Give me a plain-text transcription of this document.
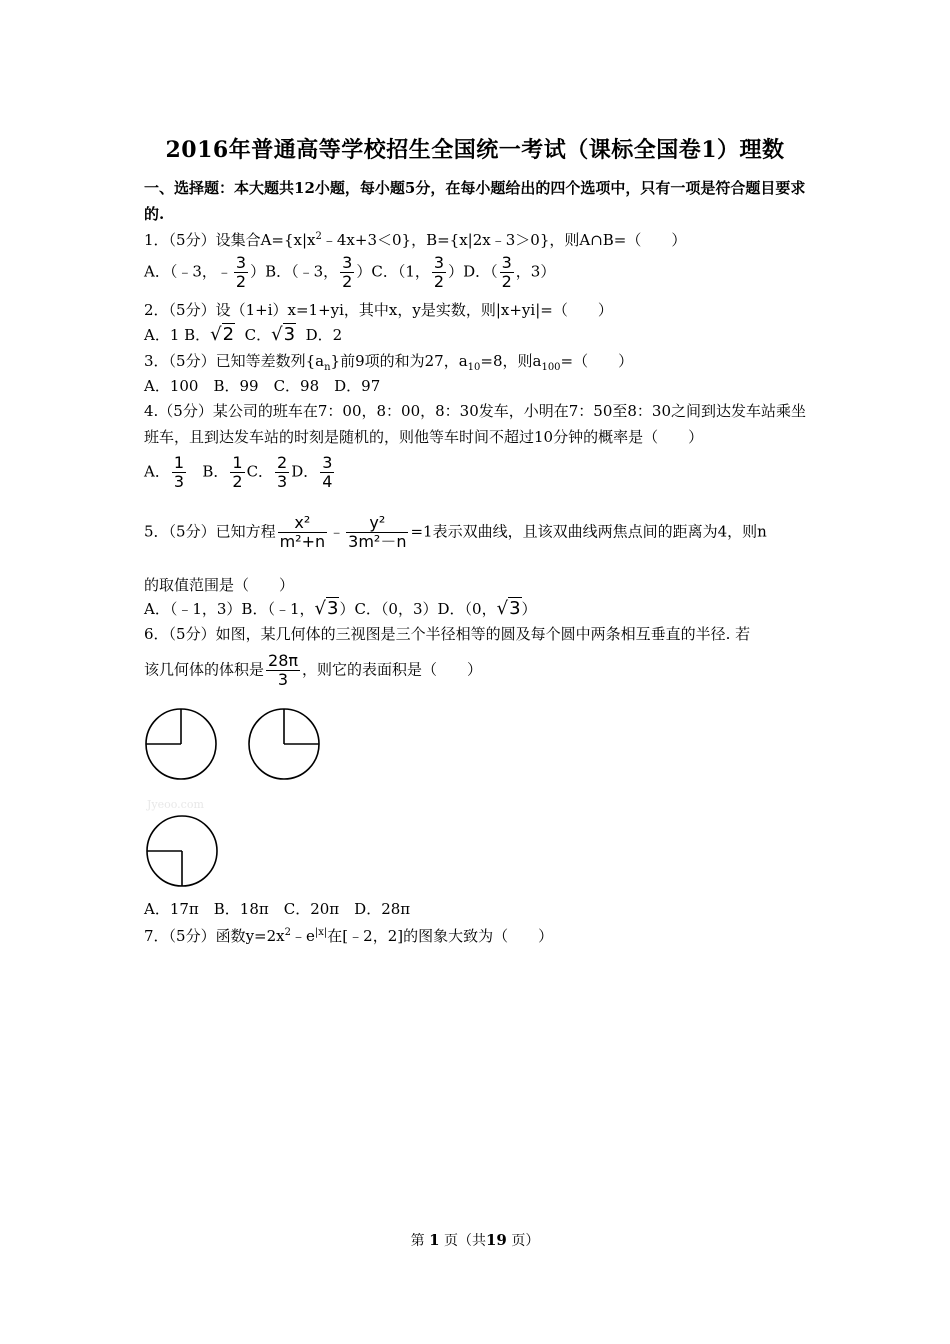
2016年普通高等学校招生全国统一考试（课标全国卷1）理数
一、选择题：本大题共12小题，每小题5分，在每小题给出的四个选项中，只有一项是符合题目要求的.
1．（5分）设集合$A=\{x|x^2﹣4x+3<0\}$，B={x|2x﹣3＞0}，则A∩B=（　　）
A．（﹣3，﹣ $\frac{3}{2} )B$．（﹣3， $\frac{3}{2} )C$．（1， $\frac{3}{2} )D$．（ $\frac{3}{2}$ ，3）
2．（5分）设（1+i）x=1+yi，其中x，y是实数，则|x+yi|=（　　）
A．1 B．√2 C．√3 D．2
3．（5分）已知等差数列$\{a_n\}$前9项的和为27，$a_{10}=8$，则$a_{100}=$（　　）
A．100　B．99　C．98　D．97
4.（5分）某公司的班车在7：00，8：00，8：30发车，小明在7：50至8：30之间到达发车站乘坐班车，且到达发车站的时刻是随机的，则他等车时间不超过10分钟的概率是（　　）
A． $\frac{1}{3}$ B． $\frac{1}{2}$ C． $\frac{2}{3}$ D． $\frac{3}{4}$
5．（5分）已知方程 $\frac{\text{x²}}{\text{m²+n}}$ ﹣ $\frac{\text{y²}}{\text{3m²－n}} =1$表示双曲线，且该双曲线两焦点间的距离为4，则n
的取值范围是（　　）
A．（﹣1，3）B．（﹣1，√3）C．（0，3）D．（0，√3）
6．（5分）如图，某几何体的三视图是三个半径相等的圆及每个圆中两条相互垂直的半径. 若
该几何体的体积是 $\frac{28\pi}{3}$ ，则它的表面积是（　　）
Jyeoo.com
A．17π　B．18π　C．20π　D．28π
7．（5分）函数$y=2x^2﹣e^{|x|}$在[﹣2，2]的图象大致为（　　）
第 1 页（共19 页）
